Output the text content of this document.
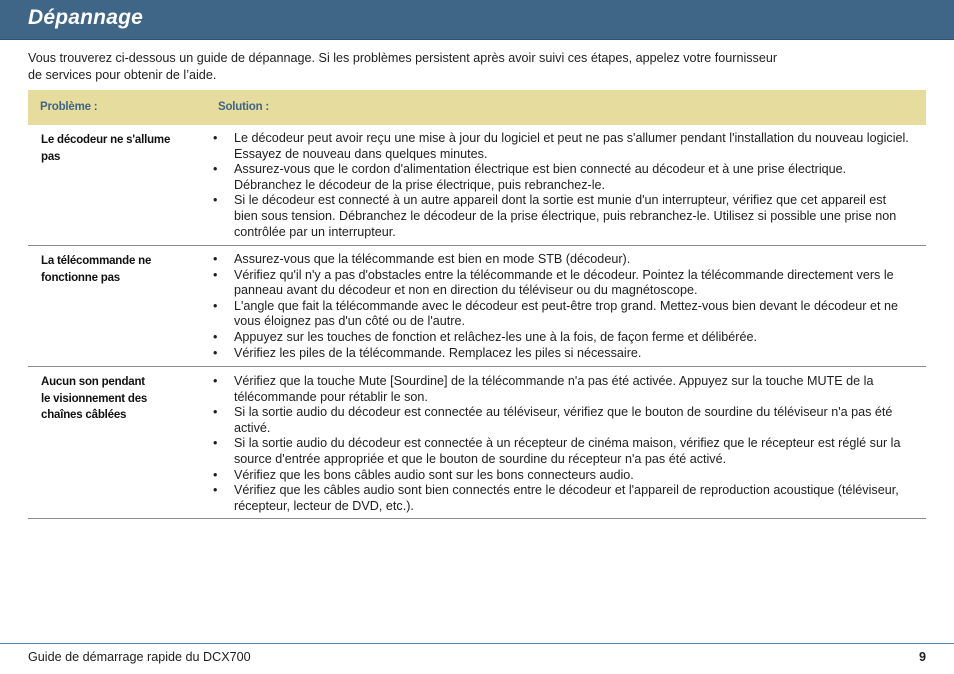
Dépannage
Vous trouverez ci-dessous un guide de dépannage. Si les problèmes persistent après avoir suivi ces étapes, appelez votre fournisseur
de services pour obtenir de l’aide.
Problème :	Solution :
Le décodeur ne s'allume
pas
•	Le décodeur peut avoir reçu une mise à jour du logiciel et peut ne pas s'allumer pendant l'installation du nouveau logiciel. Essayez de nouveau dans quelques minutes.
•	Assurez-vous que le cordon d'alimentation électrique est bien connecté au décodeur et à une prise électrique. Débranchez le décodeur de la prise électrique, puis rebranchez-le.
•	Si le décodeur est connecté à un autre appareil dont la sortie est munie d'un interrupteur, vérifiez que cet appareil est bien sous tension. Débranchez le décodeur de la prise électrique, puis rebranchez-le. Utilisez si possible une prise non contrôlée par un interrupteur.
La télécommande ne
fonctionne pas
•	Assurez-vous que la télécommande est bien en mode STB (décodeur).
•	Vérifiez qu'il n'y a pas d'obstacles entre la télécommande et le décodeur. Pointez la télécommande directement vers le panneau avant du décodeur et non en direction du téléviseur ou du magnétoscope.
•	L'angle que fait la télécommande avec le décodeur est peut-être trop grand. Mettez-vous bien devant le décodeur et ne vous éloignez pas d'un côté ou de l'autre.
•	Appuyez sur les touches de fonction et relâchez-les une à la fois, de façon ferme et délibérée.
•	Vérifiez les piles de la télécommande. Remplacez les piles si nécessaire.
Aucun son pendant
le visionnement des
chaînes câblées
•	Vérifiez que la touche Mute [Sourdine] de la télécommande n'a pas été activée. Appuyez sur la touche MUTE de la télécommande pour rétablir le son.
•	Si la sortie audio du décodeur est connectée au téléviseur, vérifiez que le bouton de sourdine du téléviseur n'a pas été activé.
•	Si la sortie audio du décodeur est connectée à un récepteur de cinéma maison, vérifiez que le récepteur est réglé sur la source d'entrée appropriée et que le bouton de sourdine du récepteur n'a pas été activé.
•	Vérifiez que les bons câbles audio sont sur les bons connecteurs audio.
•	Vérifiez que les câbles audio sont bien connectés entre le décodeur et l'appareil de reproduction acoustique (téléviseur, récepteur, lecteur de DVD, etc.).
Guide de démarrage rapide du DCX700	9
